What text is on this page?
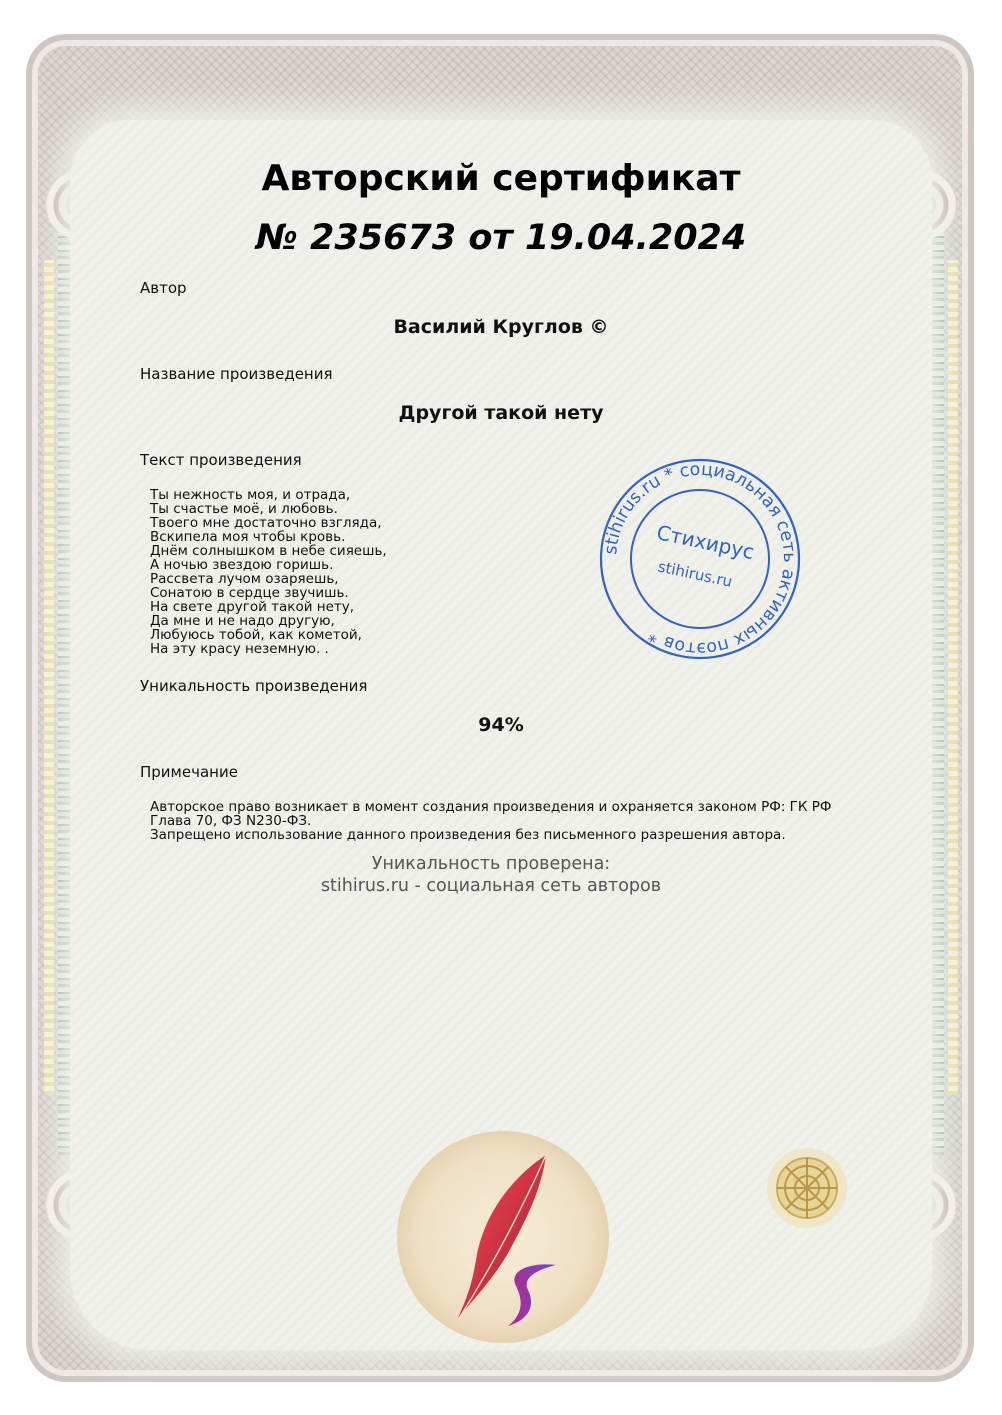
Авторский сертификат
№ 235673 от 19.04.2024
Автор
Василий Круглов ©
Название произведения
Другой такой нету
Текст произведения
Ты нежность моя, и отрада,
Ты счастье моё, и любовь.
Твоего мне достаточно взгляда,
Вскипела моя чтобы кровь.
Днём солнышком в небе сияешь,
А ночью звездою горишь.
Рассвета лучом озаряешь,
Сонатою в сердце звучишь.
На свете другой такой нету,
Да мне и не надо другую,
Любуюсь тобой, как кометой,
На эту красу неземную. .
stihirus.ru * социальная сеть активных поэтов *
Стихирус
stihirus.ru
Уникальность произведения
94%
Примечание
Авторское право возникает в момент создания произведения и охраняется законом РФ: ГК РФ Глава 70, ФЗ N230-ФЗ.
Запрещено использование данного произведения без письменного разрешения автора.
Уникальность проверена:
stihirus.ru - социальная сеть авторов
